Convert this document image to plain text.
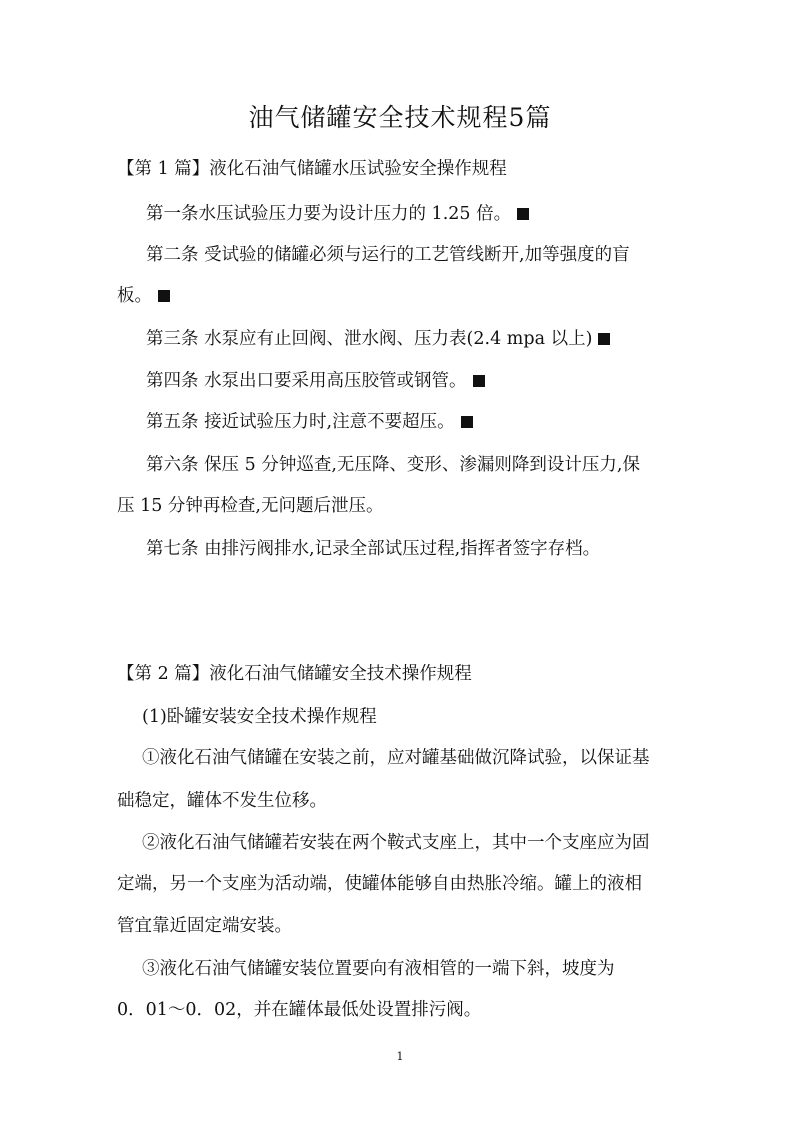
油气储罐安全技术规程5篇
【第 1 篇】液化石油气储罐水压试验安全操作规程
第一条水压试验压力要为设计压力的 1.25 倍。
第二条 受试验的储罐必须与运行的工艺管线断开,加等强度的盲
板。
第三条 水泵应有止回阀、泄水阀、压力表(2.4 mpa 以上)
第四条 水泵出口要采用高压胶管或钢管。
第五条 接近试验压力时,注意不要超压。
第六条 保压 5 分钟巡查,无压降、变形、渗漏则降到设计压力,保
压 15 分钟再检查,无问题后泄压。
第七条 由排污阀排水,记录全部试压过程,指挥者签字存档。
【第 2 篇】液化石油气储罐安全技术操作规程
(1)卧罐安装安全技术操作规程
①液化石油气储罐在安装之前，应对罐基础做沉降试验，以保证基
础稳定，罐体不发生位移。
②液化石油气储罐若安装在两个鞍式支座上，其中一个支座应为固
定端，另一个支座为活动端，使罐体能够自由热胀冷缩。罐上的液相
管宜靠近固定端安装。
③液化石油气储罐安装位置要向有液相管的一端下斜，坡度为
0．01～0．02，并在罐体最低处设置排污阀。
1
